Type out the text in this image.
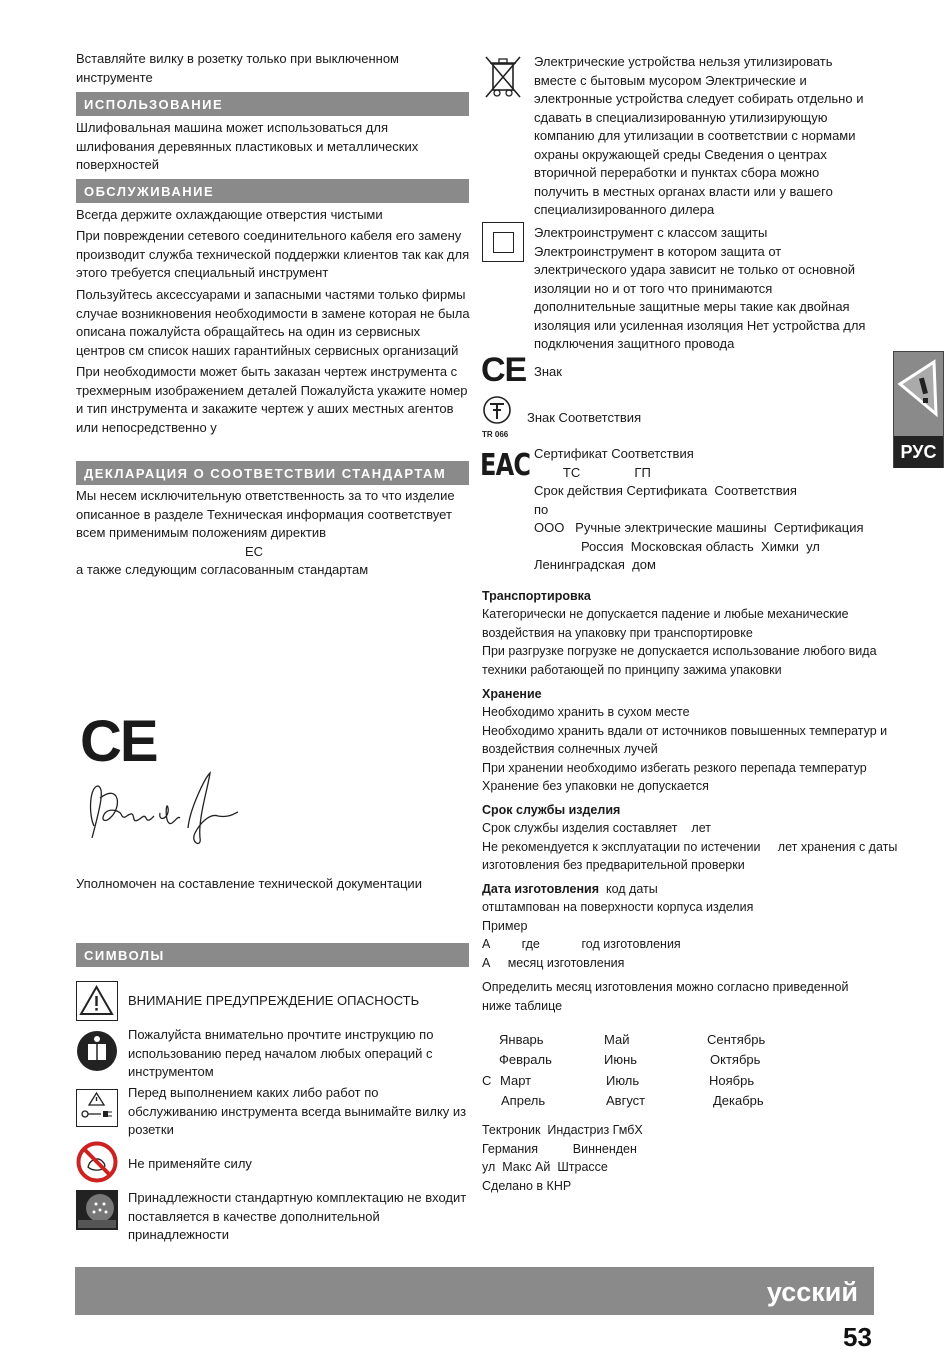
Вставляйте вилку в розетку только при выключенном инструменте
ИСПОЛЬЗОВАНИЕ
Шлифовальная машина может использоваться для шлифования деревянных пластиковых и металлических поверхностей
ОБСЛУЖИВАНИЕ
Всегда держите охлаждающие отверстия чистыми
При повреждении сетевого соединительного кабеля его замену производит служба технической поддержки клиентов так как для этого требуется специальный инструмент
Пользуйтесь аксессуарами и запасными частями только фирмы случае возникновения необходимости в замене которая не была описана пожалуйста обращайтесь на один из сервисных центров см список наших гарантийных сервисных организаций
При необходимости может быть заказан чертеж инструмента с трехмерным изображением деталей Пожалуйста укажите номер и тип инструмента и закажите чертеж у аших местных агентов или непосредственно у
ДЕКЛАРАЦИЯ О СООТВЕТСТВИИ СТАНДАРТАМ
Мы несем исключительную ответственность за то что изделие описанное в разделе Техническая информация соответствует всем применимым положениям директив
ЕС
а также следующим согласованным стандартам
CE
Уполномочен на составление технической документации
СИМВОЛЫ
ВНИМАНИЕ ПРЕДУПРЕЖДЕНИЕ ОПАСНОСТЬ
Пожалуйста внимательно прочтите инструкцию по использованию перед началом любых операций с инструментом
Перед выполнением каких либо работ по обслуживанию инструмента всегда вынимайте вилку из розетки
Не применяйте силу
Принадлежности стандартную комплектацию не входит поставляется в качестве дополнительной принадлежности
Электрические устройства нельзя утилизировать вместе с бытовым мусором Электрические и электронные устройства следует собирать отдельно и сдавать в специализированную утилизирующую компанию для утилизации в соответствии с нормами охраны окружающей среды Сведения о центрах вторичной переработки и пунктах сбора можно получить в местных органах власти или у вашего специализированного дилера
Электроинструмент с классом защиты Электроинструмент в котором защита от электрического удара зависит не только от основной изоляции но и от того что принимаются дополнительные защитные меры такие как двойная изоляция или усиленная изоляция Нет устройства для подключения защитного провода
CE Знак
TR 066
Знак Соответствия
EAC Сертификат Соответствия
ТС               ГП
Срок действия Сертификата  Соответствия
по
ООО   Ручные электрические машины  Сертификация
Россия  Московская область  Химки  ул
Ленинградская  дом
Транспортировка
Категорически не допускается падение и любые механические
воздействия на упаковку при транспортировке
При разгрузке погрузке не допускается использование любого вида
техники работающей по принципу зажима упаковки
Хранение
Необходимо хранить в сухом месте
Необходимо хранить вдали от источников повышенных температур и
воздействия солнечных лучей
При хранении необходимо избегать резкого перепада температур
Хранение без упаковки не допускается
Срок службы изделия
Срок службы изделия составляет    лет
Не рекомендуется к эксплуатации по истечении     лет хранения с даты
изготовления без предварительной проверки
Дата изготовления  код даты
отштампован на поверхности корпуса изделия
Пример
А         где            год изготовления
А     месяц изготовления
Определить месяц изготовления можно согласно приведенной ниже таблице
С
Январь
Февраль
Март
Апрель
Май
Июнь
Июль
Август
Сентябрь
Октябрь
Ноябрь
Декабрь
Тектроник  Индастриз ГмбХ
Германия          Винненден
ул  Макс Ай  Штрассе
Сделано в КНР
РУС
усский
53
